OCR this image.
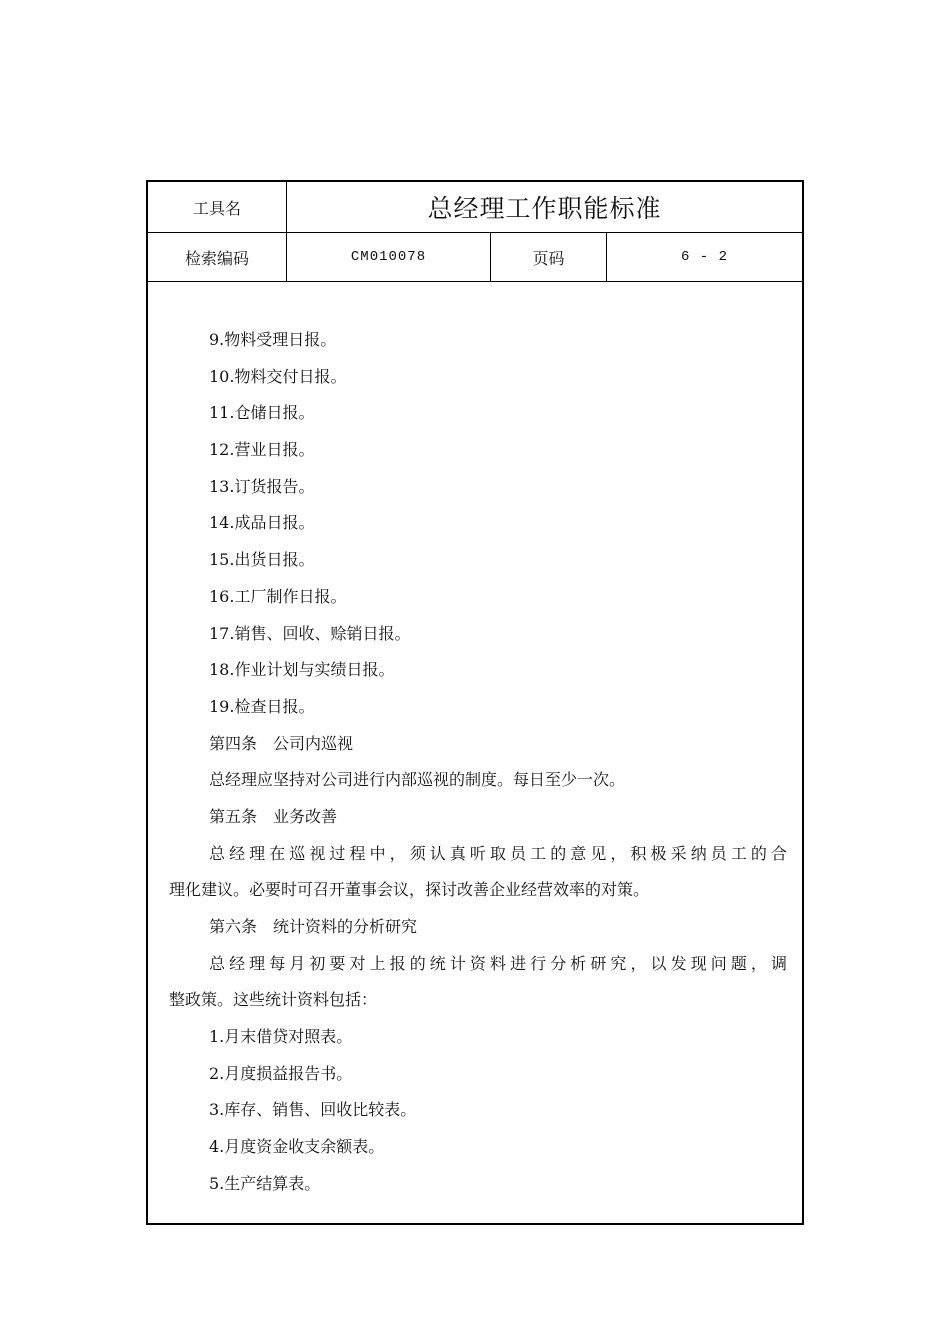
工具名	总经理工作职能标准
检索编码	CM010078	页码	6 - 2
9.物料受理日报。
10.物料交付日报。
11.仓储日报。
12.营业日报。
13.订货报告。
14.成品日报。
15.出货日报。
16.工厂制作日报。
17.销售、回收、赊销日报。
18.作业计划与实绩日报。
19.检查日报。
第四条　公司内巡视
总经理应坚持对公司进行内部巡视的制度。每日至少一次。
第五条　业务改善
总经理在巡视过程中，须认真听取员工的意见，积极采纳员工的合
理化建议。必要时可召开董事会议，探讨改善企业经营效率的对策。
第六条　统计资料的分析研究
总经理每月初要对上报的统计资料进行分析研究，以发现问题，调
整政策。这些统计资料包括：
1.月末借贷对照表。
2.月度损益报告书。
3.库存、销售、回收比较表。
4.月度资金收支余额表。
5.生产结算表。
